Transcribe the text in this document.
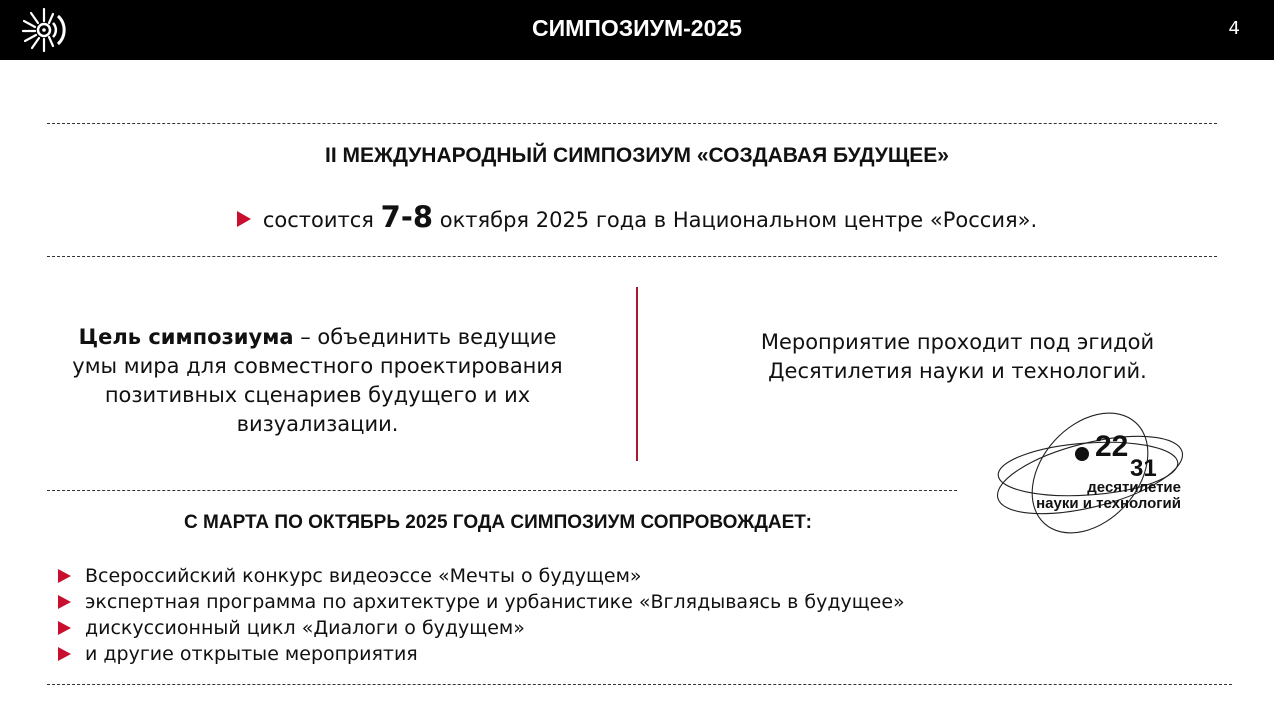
СИМПОЗИУМ-2025	4
II МЕЖДУНАРОДНЫЙ СИМПОЗИУМ «СОЗДАВАЯ БУДУЩЕЕ»
состоится 7-8 октября 2025 года в Национальном центре «Россия».
Цель симпозиума – объединить ведущие умы мира для совместного проектирования позитивных сценариев будущего и их визуализации.
Мероприятие проходит под эгидой Десятилетия науки и технологий.
22
31
десятилетие
науки и технологий
С МАРТА ПО ОКТЯБРЬ 2025 ГОДА СИМПОЗИУМ СОПРОВОЖДАЕТ:
Всероссийский конкурс видеоэссе «Мечты о будущем»
экспертная программа по архитектуре и урбанистике «Вглядываясь в будущее»
дискуссионный цикл «Диалоги о будущем»
и другие открытые мероприятия
